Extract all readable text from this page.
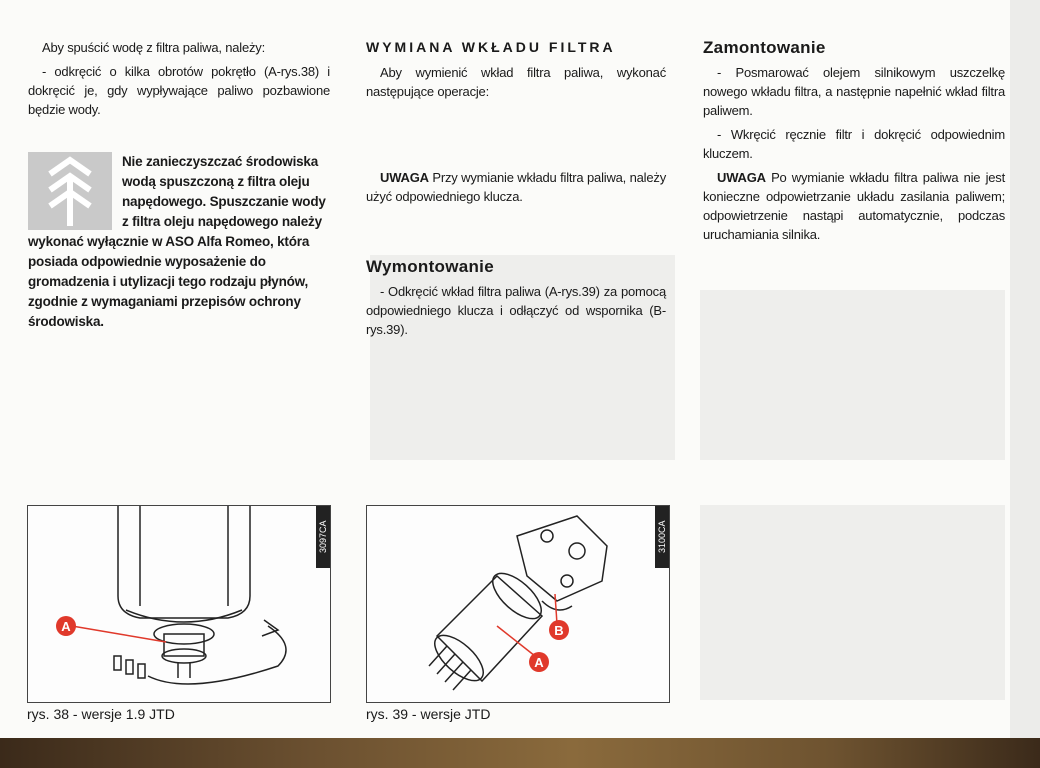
Aby spuścić wodę z filtra paliwa, należy:

- odkręcić o kilka obrotów pokrętło (A-rys.38) i dokręcić je, gdy wypływające paliwo pozbawione będzie wody.

Nie zanieczyszczać środowiska wodą spuszczoną z filtra oleju napędowego. Spuszczanie wody z filtra oleju napędowego należy wykonać wyłącznie w ASO Alfa Romeo, która posiada odpowiednie wyposażenie do gromadzenia i utylizacji tego rodzaju płynów, zgodnie z wymaganiami przepisów ochrony środowiska.
WYMIANA WKŁADU FILTRA

Aby wymienić wkład filtra paliwa, wykonać następujące operacje:

UWAGA Przy wymianie wkładu filtra paliwa, należy użyć odpowiedniego klucza.

Wymontowanie

- Odkręcić wkład filtra paliwa (A-rys.39) za pomocą odpowiedniego klucza i odłączyć od wspornika (B-rys.39).

Zamontowanie

- Posmarować olejem silnikowym uszczelkę nowego wkładu filtra, a następnie napełnić wkład filtra paliwem.

- Wkręcić ręcznie filtr i dokręcić odpowiednim kluczem.

UWAGA Po wymianie wkładu filtra paliwa nie jest konieczne odpowietrzanie układu zasilania paliwem; odpowietrzenie nastąpi automatycznie, podczas uruchamiania silnika.

3097CA
A
rys. 38 - wersje 1.9 JTD
3100CA
A
B
rys. 39 - wersje JTD
